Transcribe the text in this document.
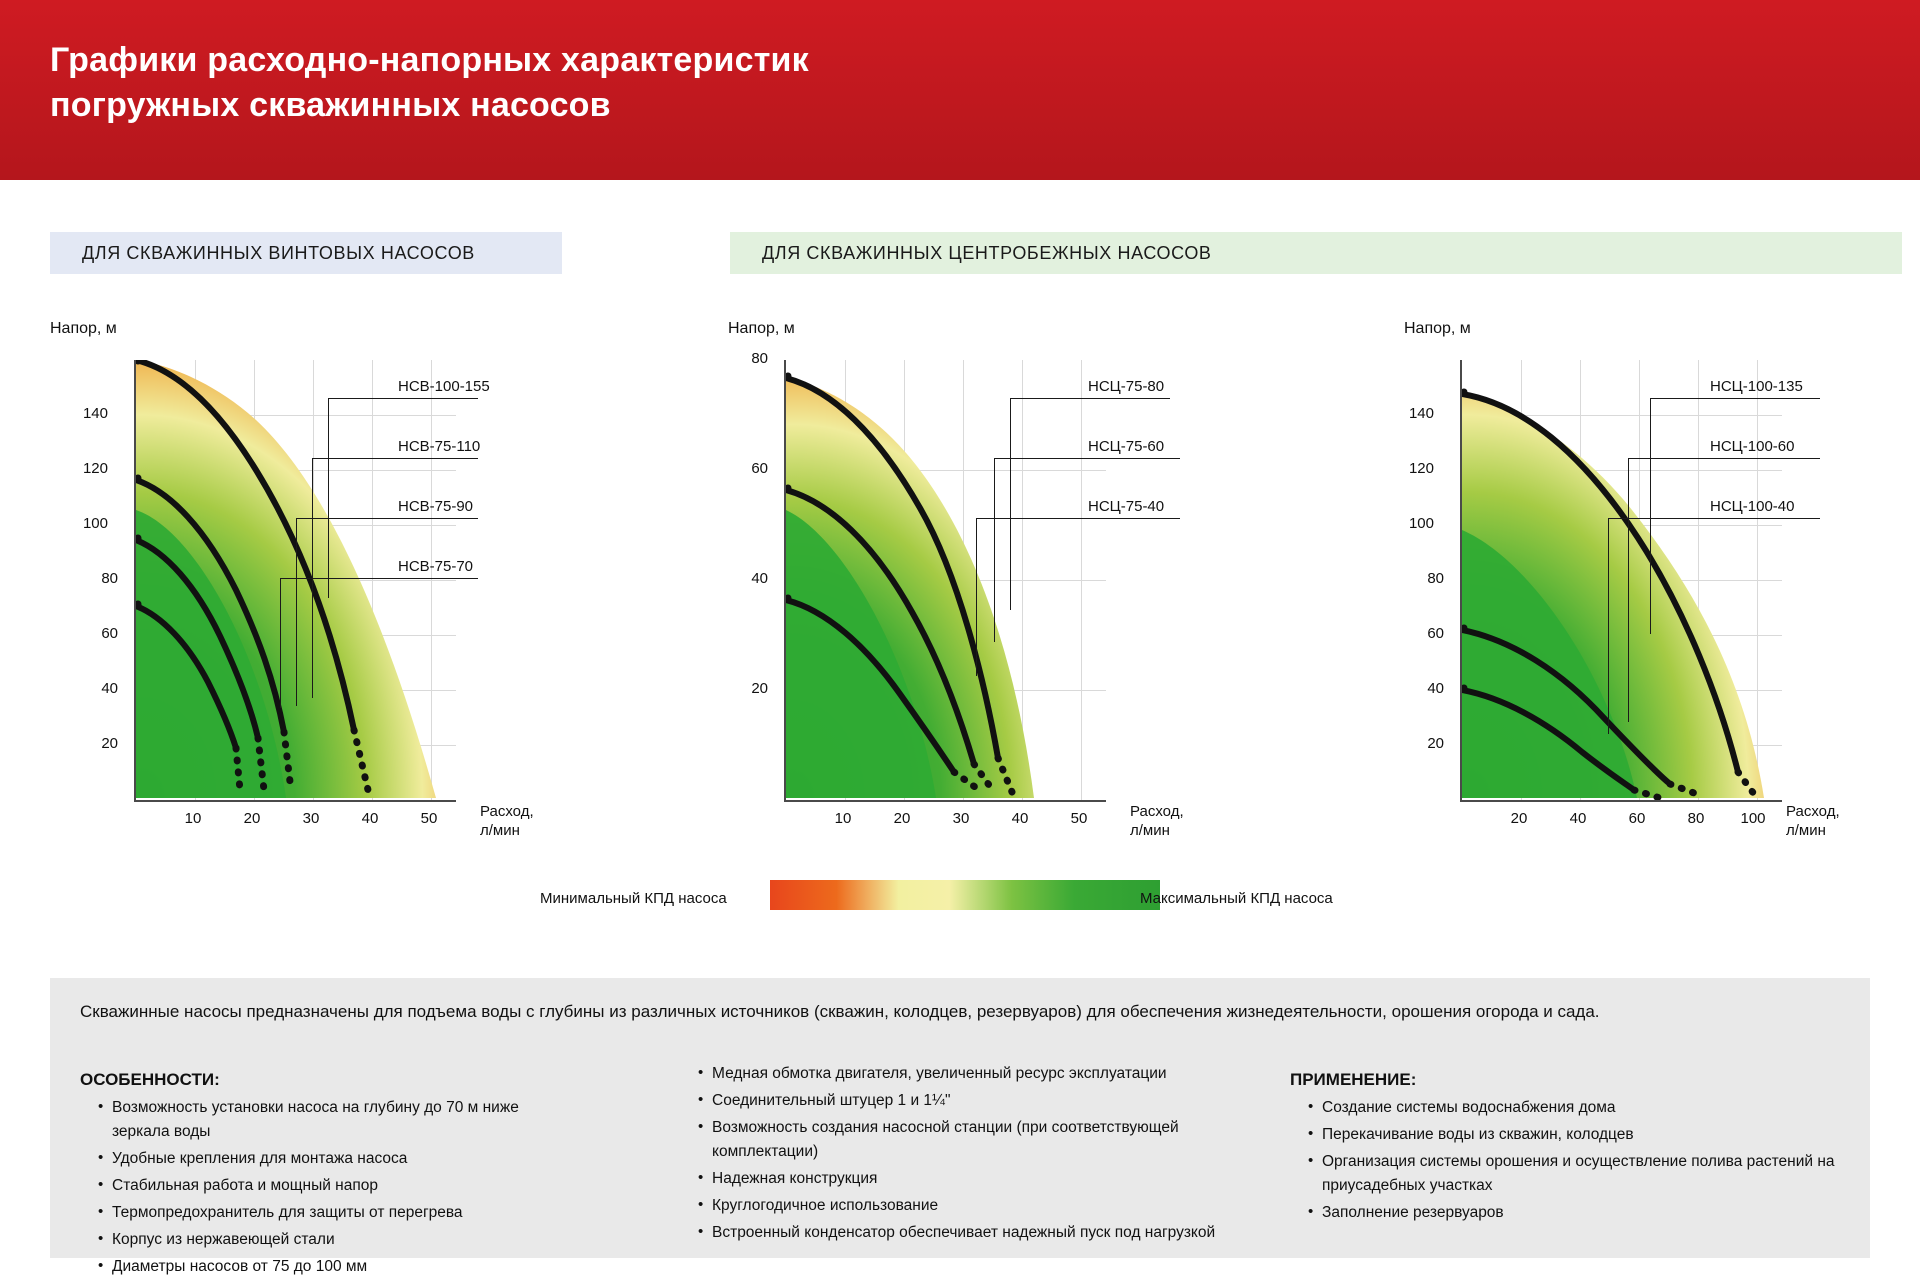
Графики расходно-напорных характеристик
погружных скважинных насосов
ДЛЯ СКВАЖИННЫХ ВИНТОВЫХ НАСОСОВ	ДЛЯ СКВАЖИННЫХ ЦЕНТРОБЕЖНЫХ НАСОСОВ
Напор, м
20
40
60
80
100
120
140
10	20	30	40	50	Расход,
л/мин
НСВ-100-155
НСВ-75-110
НСВ-75-90
НСВ-75-70
Напор, м
20
40
60
80
10	20	30	40	50	Расход,
л/мин
НСЦ-75-80
НСЦ-75-60
НСЦ-75-40
Напор, м
20
40
60
80
100
120
140
20	40	60	80	100	Расход,
л/мин
НСЦ-100-135
НСЦ-100-60
НСЦ-100-40
Минимальный КПД насоса	Максимальный КПД насоса
Скважинные насосы предназначены для подъема воды с глубины из различных источников (скважин, колодцев, резервуаров) для обеспечения жизнедеятельности, орошения огорода и сада.
ОСОБЕННОСТИ:
• Возможность установки насоса на глубину до 70 м ниже зеркала воды
• Удобные крепления для монтажа насоса
• Стабильная работа и мощный напор
• Термопредохранитель для защиты от перегрева
• Корпус из нержавеющей стали
• Диаметры насосов от 75 до 100 мм
• Медная обмотка двигателя, увеличенный ресурс эксплуатации
• Соединительный штуцер 1 и 1¼"
• Возможность создания насосной станции (при соответствующей комплектации)
• Надежная конструкция
• Круглогодичное использование
• Встроенный конденсатор обеспечивает надежный пуск под нагрузкой
ПРИМЕНЕНИЕ:
• Создание системы водоснабжения дома
• Перекачивание воды из скважин, колодцев
• Организация системы орошения и осуществление полива растений на приусадебных участках
• Заполнение резервуаров
